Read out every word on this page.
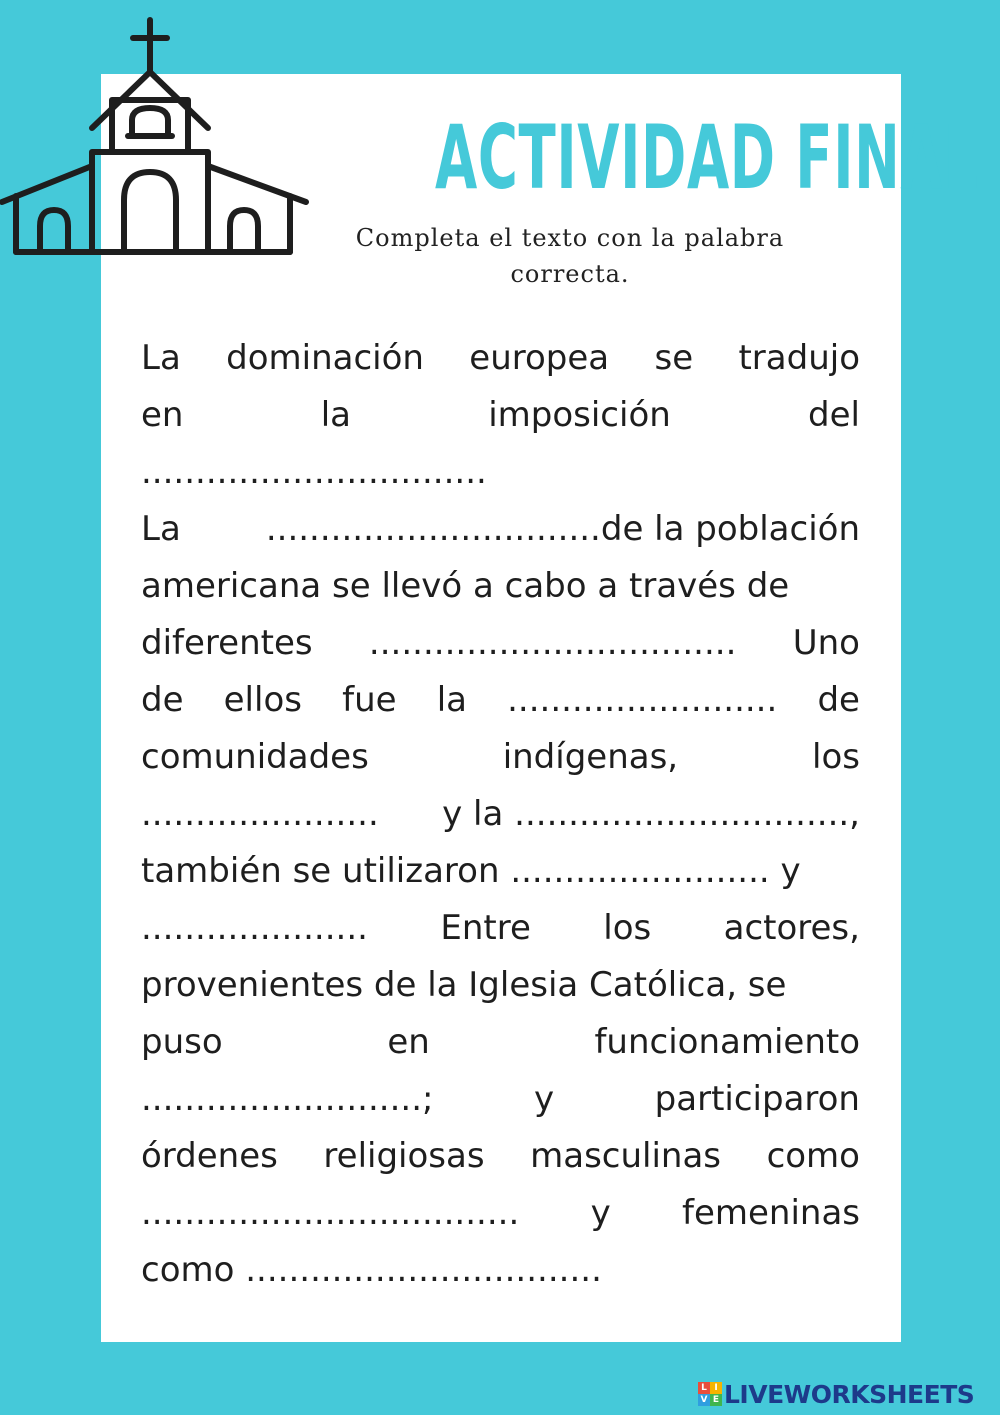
ACTIVIDAD FINAL
Completa el texto con la palabra correcta.
La dominación europea se tradujo
en	la	imposición	del
................................
La	...............................de la población
americana se llevó a cabo a través de
diferentes .................................. Uno
de ellos fue la ......................... de
comunidades	indígenas,	los
...................... y la ...............................,
también se utilizaron ........................ y
..................... Entre los actores,
provenientes de la Iglesia Católica, se
puso	en	funcionamiento
..........................;	y	participaron
órdenes religiosas masculinas como
................................... y femeninas
como .................................
L I
V E LIVEWORKSHEETS
